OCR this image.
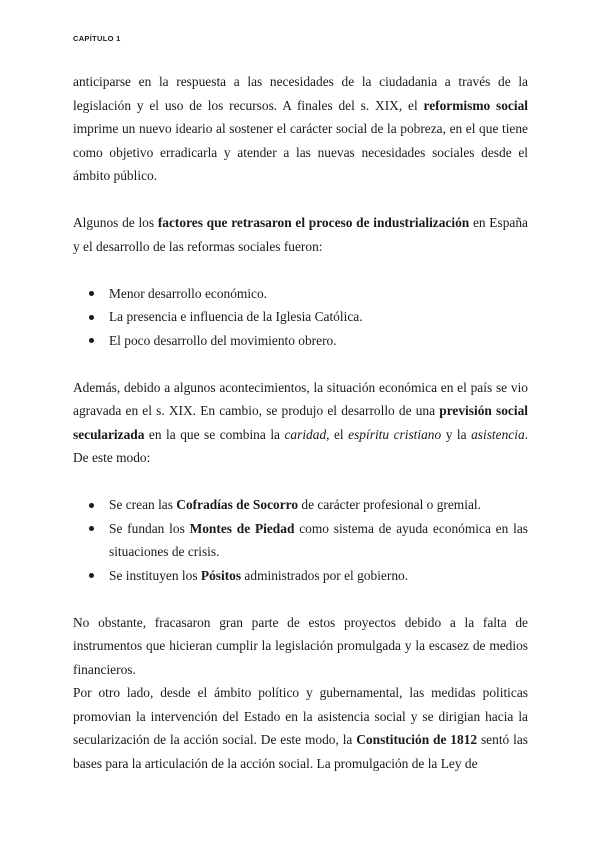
CAPÍTULO 1

anticiparse en la respuesta a las necesidades de la ciudadania a través de la legislación y el uso de los recursos. A finales del s. XIX, el reformismo social imprime un nuevo ideario al sostener el carácter social de la pobreza, en el que tiene como objetivo erradicarla y atender a las nuevas necesidades sociales desde el ámbito público.

Algunos de los factores que retrasaron el proceso de industrialización en España y el desarrollo de las reformas sociales fueron:

Menor desarrollo económico.
La presencia e influencia de la Iglesia Católica.
El poco desarrollo del movimiento obrero.

Además, debido a algunos acontecimientos, la situación económica en el país se vio agravada en el s. XIX. En cambio, se produjo el desarrollo de una previsión social secularizada en la que se combina la caridad, el espíritu cristiano y la asistencia. De este modo:

Se crean las Cofradías de Socorro de carácter profesional o gremial.
Se fundan los Montes de Piedad como sistema de ayuda económica en las situaciones de crisis.
Se instituyen los Pósitos administrados por el gobierno.

No obstante, fracasaron gran parte de estos proyectos debido a la falta de instrumentos que hicieran cumplir la legislación promulgada y la escasez de medios financieros.

Por otro lado, desde el ámbito político y gubernamental, las medidas politicas promovian la intervención del Estado en la asistencia social y se dirigian hacia la secularización de la acción social. De este modo, la Constitución de 1812 sentó las bases para la articulación de la acción social. La promulgación de la Ley de
